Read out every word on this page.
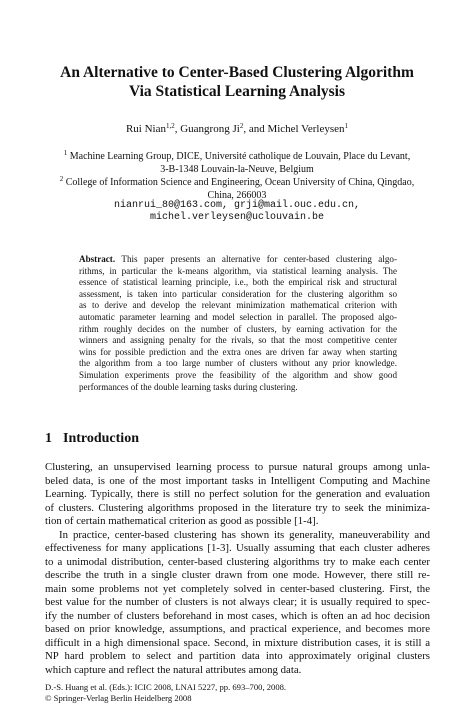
An Alternative to Center-Based Clustering Algorithm
Via Statistical Learning Analysis
Rui Nian$^{1,2}$, Guangrong Ji$^2$, and Michel Verleysen$^1$
$^1$ Machine Learning Group, DICE, Université catholique de Louvain, Place du Levant,
3-B-1348 Louvain-la-Neuve, Belgium
$^2$ College of Information Science and Engineering, Ocean University of China, Qingdao,
China, 266003
nianrui_80@163.com, grji@mail.ouc.edu.cn,
michel.verleysen@uclouvain.be
Abstract. This paper presents an alternative for center-based clustering algo-
rithms, in particular the k-means algorithm, via statistical learning analysis. The
essence of statistical learning principle, i.e., both the empirical risk and structural
assessment, is taken into particular consideration for the clustering algorithm so
as to derive and develop the relevant minimization mathematical criterion with
automatic parameter learning and model selection in parallel. The proposed algo-
rithm roughly decides on the number of clusters, by earning activation for the
winners and assigning penalty for the rivals, so that the most competitive center
wins for possible prediction and the extra ones are driven far away when starting
the algorithm from a too large number of clusters without any prior knowledge.
Simulation experiments prove the feasibility of the algorithm and show good
performances of the double learning tasks during clustering.
1 Introduction
Clustering, an unsupervised learning process to pursue natural groups among unla-
beled data, is one of the most important tasks in Intelligent Computing and Machine
Learning. Typically, there is still no perfect solution for the generation and evaluation
of clusters. Clustering algorithms proposed in the literature try to seek the minimiza-
tion of certain mathematical criterion as good as possible [1-4].
In practice, center-based clustering has shown its generality, maneuverability and
effectiveness for many applications [1-3]. Usually assuming that each cluster adheres
to a unimodal distribution, center-based clustering algorithms try to make each center
describe the truth in a single cluster drawn from one mode. However, there still re-
main some problems not yet completely solved in center-based clustering. First, the
best value for the number of clusters is not always clear; it is usually required to spec-
ify the number of clusters beforehand in most cases, which is often an ad hoc decision
based on prior knowledge, assumptions, and practical experience, and becomes more
difficult in a high dimensional space. Second, in mixture distribution cases, it is still a
NP hard problem to select and partition data into approximately original clusters
which capture and reflect the natural attributes among data.
D.-S. Huang et al. (Eds.): ICIC 2008, LNAI 5227, pp. 693–700, 2008.
© Springer-Verlag Berlin Heidelberg 2008
